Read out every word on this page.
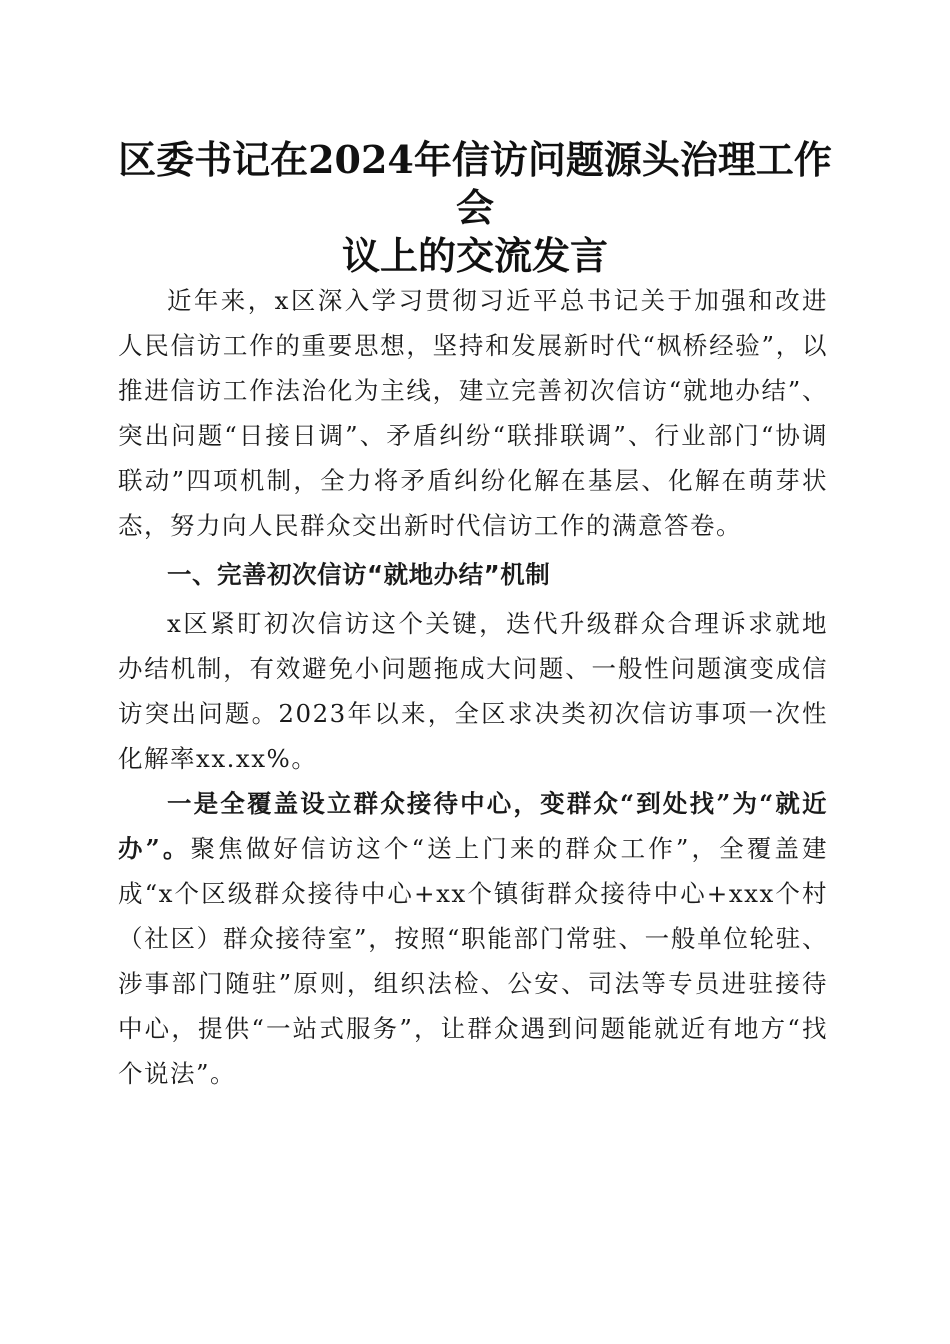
区委书记在2024年信访问题源头治理工作会
议上的交流发言

近年来，x区深入学习贯彻习近平总书记关于加强和改进人民信访工作的重要思想，坚持和发展新时代“枫桥经验”，以推进信访工作法治化为主线，建立完善初次信访“就地办结”、突出问题“日接日调”、矛盾纠纷“联排联调”、行业部门“协调联动”四项机制，全力将矛盾纠纷化解在基层、化解在萌芽状态，努力向人民群众交出新时代信访工作的满意答卷。

一、完善初次信访“就地办结”机制

x区紧盯初次信访这个关键，迭代升级群众合理诉求就地办结机制，有效避免小问题拖成大问题、一般性问题演变成信访突出问题。2023年以来，全区求决类初次信访事项一次性化解率xx.xx%。

一是全覆盖设立群众接待中心，变群众“到处找”为“就近办”。聚焦做好信访这个“送上门来的群众工作”，全覆盖建成“x个区级群众接待中心+xx个镇街群众接待中心+xxx个村（社区）群众接待室”，按照“职能部门常驻、一般单位轮驻、涉事部门随驻”原则，组织法检、公安、司法等专员进驻接待中心，提供“一站式服务”，让群众遇到问题能就近有地方“找个说法”。
